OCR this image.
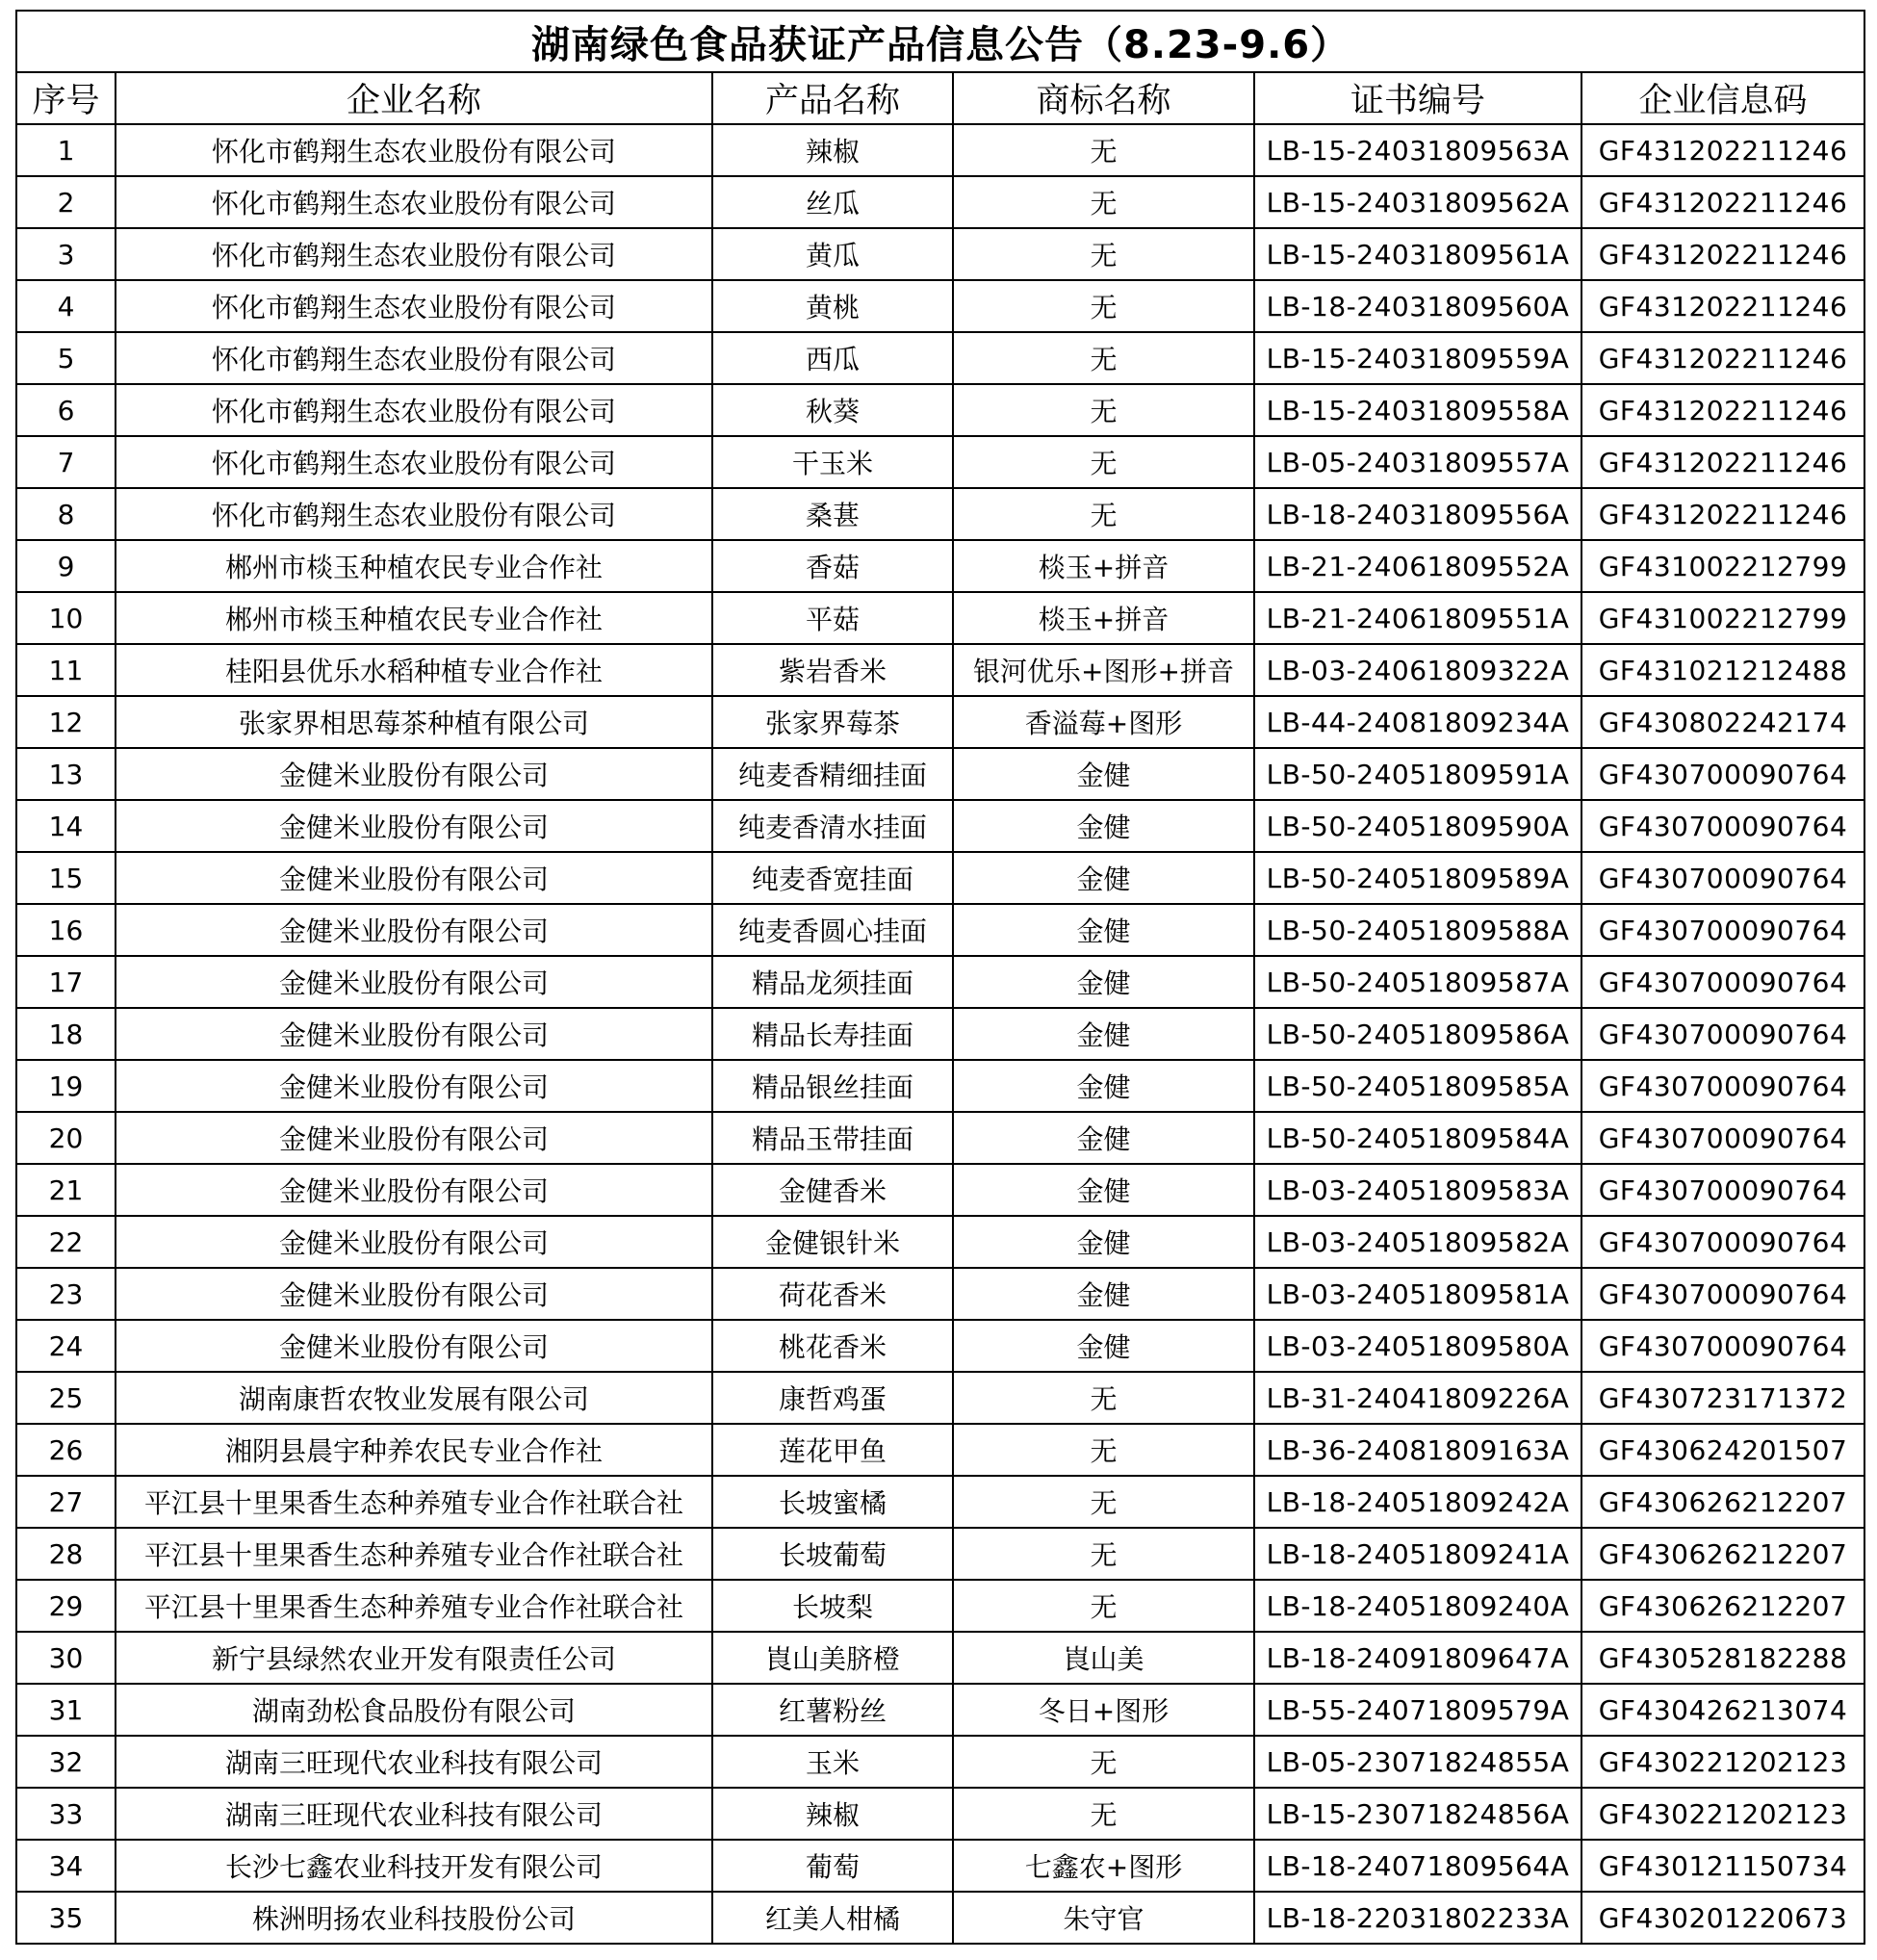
湖南绿色食品获证产品信息公告（8.23-9.6）					
序号	企业名称	产品名称	商标名称	证书编号	企业信息码
1	怀化市鹤翔生态农业股份有限公司	辣椒	无	LB-15-24031809563A	GF431202211246
2	怀化市鹤翔生态农业股份有限公司	丝瓜	无	LB-15-24031809562A	GF431202211246
3	怀化市鹤翔生态农业股份有限公司	黄瓜	无	LB-15-24031809561A	GF431202211246
4	怀化市鹤翔生态农业股份有限公司	黄桃	无	LB-18-24031809560A	GF431202211246
5	怀化市鹤翔生态农业股份有限公司	西瓜	无	LB-15-24031809559A	GF431202211246
6	怀化市鹤翔生态农业股份有限公司	秋葵	无	LB-15-24031809558A	GF431202211246
7	怀化市鹤翔生态农业股份有限公司	干玉米	无	LB-05-24031809557A	GF431202211246
8	怀化市鹤翔生态农业股份有限公司	桑葚	无	LB-18-24031809556A	GF431202211246
9	郴州市棪玉种植农民专业合作社	香菇	棪玉+拼音	LB-21-24061809552A	GF431002212799
10	郴州市棪玉种植农民专业合作社	平菇	棪玉+拼音	LB-21-24061809551A	GF431002212799
11	桂阳县优乐水稻种植专业合作社	紫岩香米	银河优乐+图形+拼音	LB-03-24061809322A	GF431021212488
12	张家界相思莓茶种植有限公司	张家界莓茶	香溢莓+图形	LB-44-24081809234A	GF430802242174
13	金健米业股份有限公司	纯麦香精细挂面	金健	LB-50-24051809591A	GF430700090764
14	金健米业股份有限公司	纯麦香清水挂面	金健	LB-50-24051809590A	GF430700090764
15	金健米业股份有限公司	纯麦香宽挂面	金健	LB-50-24051809589A	GF430700090764
16	金健米业股份有限公司	纯麦香圆心挂面	金健	LB-50-24051809588A	GF430700090764
17	金健米业股份有限公司	精品龙须挂面	金健	LB-50-24051809587A	GF430700090764
18	金健米业股份有限公司	精品长寿挂面	金健	LB-50-24051809586A	GF430700090764
19	金健米业股份有限公司	精品银丝挂面	金健	LB-50-24051809585A	GF430700090764
20	金健米业股份有限公司	精品玉带挂面	金健	LB-50-24051809584A	GF430700090764
21	金健米业股份有限公司	金健香米	金健	LB-03-24051809583A	GF430700090764
22	金健米业股份有限公司	金健银针米	金健	LB-03-24051809582A	GF430700090764
23	金健米业股份有限公司	荷花香米	金健	LB-03-24051809581A	GF430700090764
24	金健米业股份有限公司	桃花香米	金健	LB-03-24051809580A	GF430700090764
25	湖南康哲农牧业发展有限公司	康哲鸡蛋	无	LB-31-24041809226A	GF430723171372
26	湘阴县晨宇种养农民专业合作社	莲花甲鱼	无	LB-36-24081809163A	GF430624201507
27	平江县十里果香生态种养殖专业合作社联合社	长坡蜜橘	无	LB-18-24051809242A	GF430626212207
28	平江县十里果香生态种养殖专业合作社联合社	长坡葡萄	无	LB-18-24051809241A	GF430626212207
29	平江县十里果香生态种养殖专业合作社联合社	长坡梨	无	LB-18-24051809240A	GF430626212207
30	新宁县绿然农业开发有限责任公司	崀山美脐橙	崀山美	LB-18-24091809647A	GF430528182288
31	湖南劲松食品股份有限公司	红薯粉丝	冬日+图形	LB-55-24071809579A	GF430426213074
32	湖南三旺现代农业科技有限公司	玉米	无	LB-05-23071824855A	GF430221202123
33	湖南三旺现代农业科技有限公司	辣椒	无	LB-15-23071824856A	GF430221202123
34	长沙七鑫农业科技开发有限公司	葡萄	七鑫农+图形	LB-18-24071809564A	GF430121150734
35	株洲明扬农业科技股份公司	红美人柑橘	朱守官	LB-18-22031802233A	GF430201220673
